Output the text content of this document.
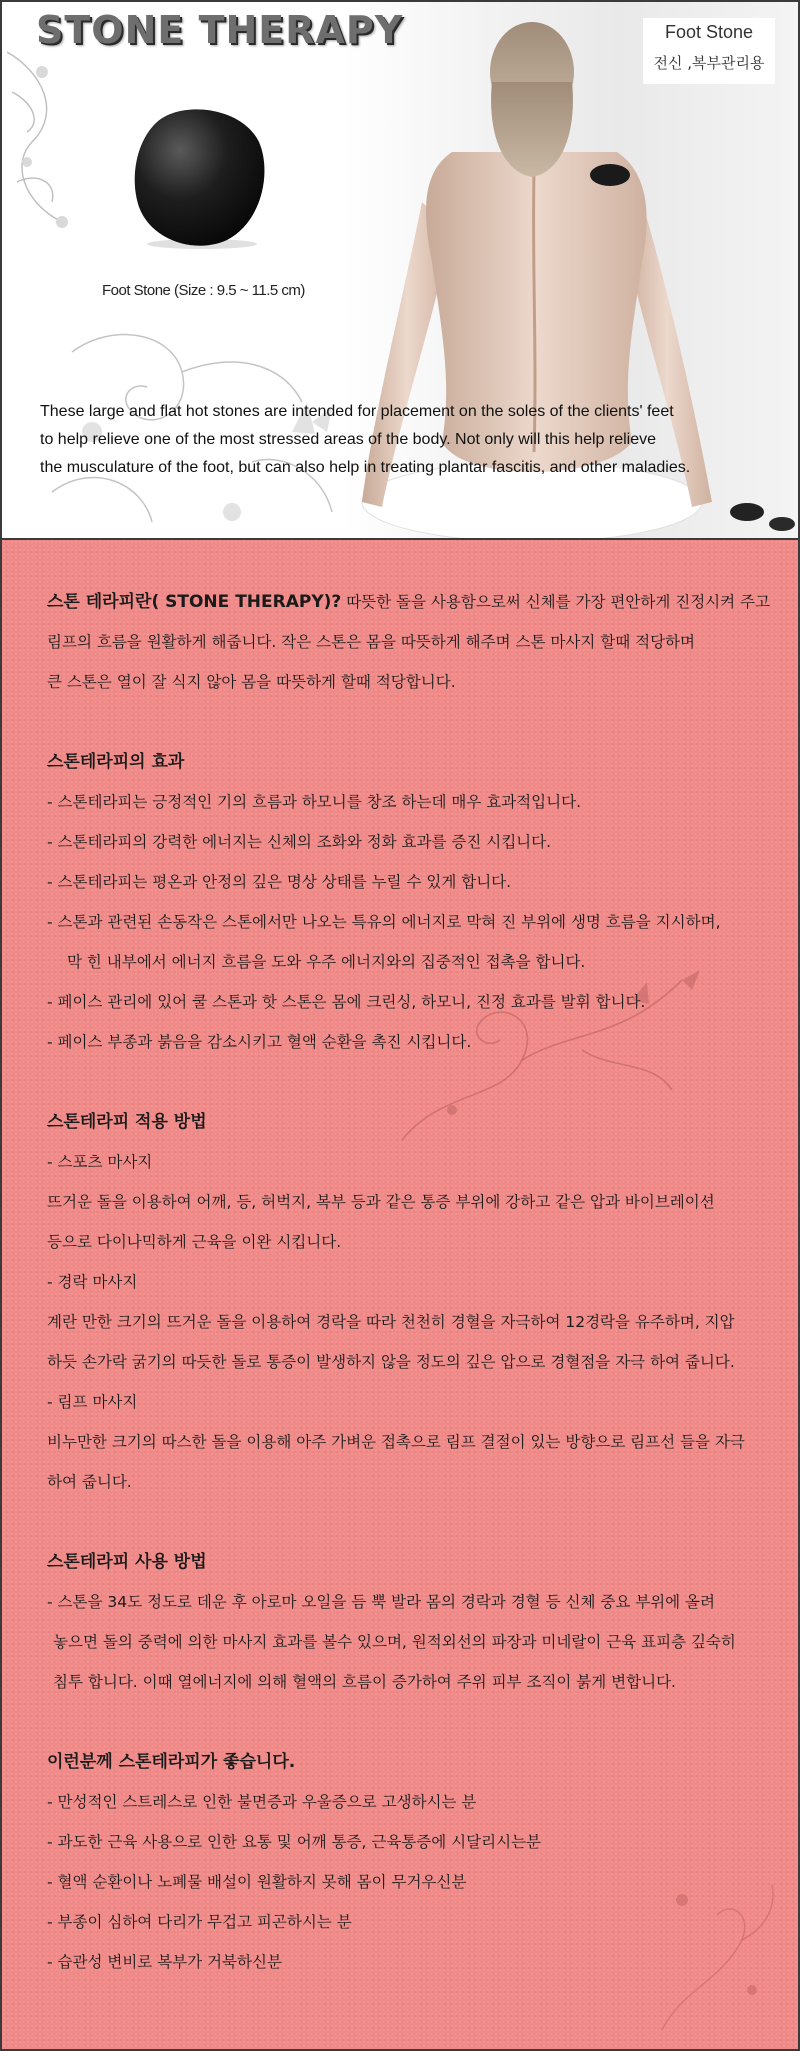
STONE THERAPY	Foot Stone
전신 ,복부관리용
Foot Stone (Size : 9.5 ~ 11.5 cm)

These large and flat hot stones are intended for placement on the soles of the clients' feet
to help relieve one of the most stressed areas of the body. Not only will this help relieve
the musculature of the foot, but can also help in treating plantar fascitis, and other maladies.

스톤 테라피란( STONE THERAPY)? 따뜻한 돌을 사용함으로써 신체를 가장 편안하게 진정시켜 주고

림프의 흐름을 원활하게 해줍니다. 작은 스톤은 몸을 따뜻하게 해주며 스톤 마사지 할때 적당하며

큰 스톤은 열이 잘 식지 않아 몸을 따뜻하게 할때 적당합니다.

스톤테라피의 효과

- 스톤테라피는 긍정적인 기의 흐름과 하모니를 창조 하는데 매우 효과적입니다.

- 스톤테라피의 강력한 에너지는 신체의 조화와 정화 효과를 증진 시킵니다.

- 스톤테라피는 평온과 안정의 깊은 명상 상태를 누릴 수 있게 합니다.

- 스톤과 관련된 손동작은 스톤에서만 나오는 특유의 에너지로 막혀 진 부위에 생명 흐름을 지시하며,

막 힌 내부에서 에너지 흐름을 도와 우주 에너지와의 집중적인 접촉을 합니다.

- 페이스 관리에 있어 쿨 스톤과 핫 스톤은 몸에 크린싱, 하모니, 진정 효과를 발휘 합니다.

- 페이스 부종과 붉음을 감소시키고 혈액 순환을 촉진 시킵니다.

스톤테라피 적용 방법

- 스포츠 마사지

뜨거운 돌을 이용하여 어깨, 등, 허벅지, 복부 등과 같은 통증 부위에 강하고 같은 압과 바이브레이션

등으로 다이나믹하게 근육을 이완 시킵니다.

- 경락 마사지

계란 만한 크기의 뜨거운 돌을 이용하여 경락을 따라 천천히 경혈을 자극하여 12경락을 유주하며, 지압

하듯 손가락 굵기의 따듯한 돌로 통증이 발생하지 않을 정도의 깊은 압으로 경혈점을 자극 하여 줍니다.

- 림프 마사지

비누만한 크기의 따스한 돌을 이용해 아주 가벼운 접촉으로 림프 결절이 있는 방향으로 림프선 들을 자극

하여 줍니다.

스톤테라피 사용 방법

- 스톤을 34도 정도로 데운 후 아로마 오일을 듬 뿍 발라 몸의 경락과 경혈 등 신체 중요 부위에 올려

놓으면 돌의 중력에 의한 마사지 효과를 볼수 있으며, 원적외선의 파장과 미네랄이 근육 표피층 깊숙히

침투 합니다. 이때 열에너지에 의해 혈액의 흐름이 증가하여 주위 피부 조직이 붉게 변합니다.

이런분께 스톤테라피가 좋습니다.

- 만성적인 스트레스로 인한 불면증과 우울증으로 고생하시는 분

- 과도한 근육 사용으로 인한 요통 및 어깨 통증, 근육통증에 시달리시는분

- 혈액 순환이나 노폐물 배설이 원활하지 못해 몸이 무거우신분

- 부종이 심하여 다리가 무겁고 피곤하시는 분

- 습관성 변비로 복부가 거북하신분
